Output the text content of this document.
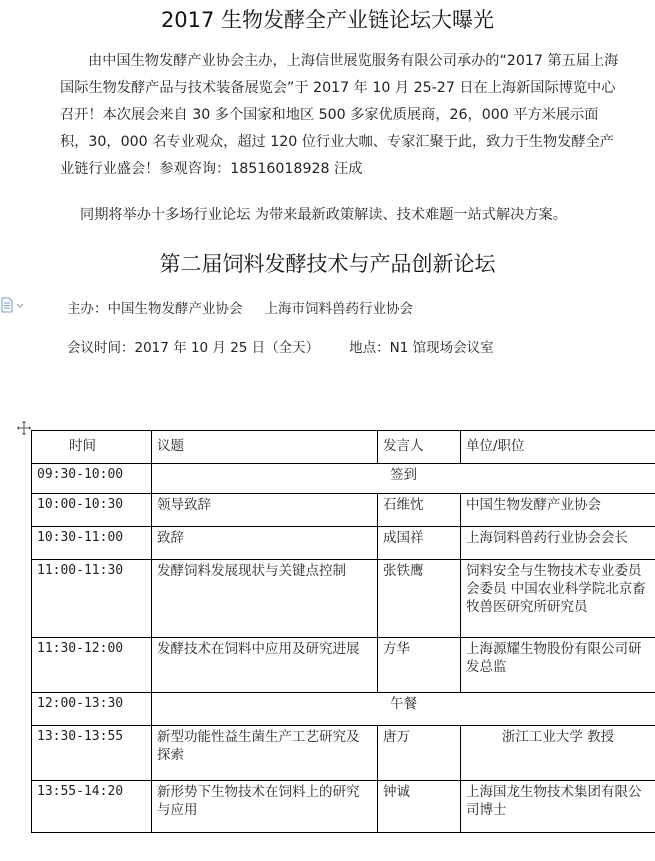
2017 生物发酵全产业链论坛大曝光
由中国生物发酵产业协会主办，上海信世展览服务有限公司承办的“2017 第五届上海国际生物发酵产品与技术装备展览会”于 2017 年 10 月 25-27 日在上海新国际博览中心召开！本次展会来自 30 多个国家和地区 500 多家优质展商，26，000 平方米展示面积，30，000 名专业观众，超过 120 位行业大咖、专家汇聚于此，致力于生物发酵全产业链行业盛会！参观咨询：18516018928 汪成
同期将举办十多场行业论坛 为带来最新政策解读、技术难题一站式解决方案。
第二届饲料发酵技术与产品创新论坛
主办：中国生物发酵产业协会 上海市饲料兽药行业协会
会议时间：2017 年 10 月 25 日（全天） 地点：N1 馆现场会议室
时间	议题	发言人	单位/职位
09:30-10:00	签到		
10:00-10:30	领导致辞	石维忱	中国生物发酵产业协会
10:30-11:00	致辞	成国祥	上海饲料兽药行业协会会长
11:00-11:30	发酵饲料发展现状与关键点控制	张铁鹰	饲料安全与生物技术专业委员会委员 中国农业科学院北京畜牧兽医研究所研究员
11:30-12:00	发酵技术在饲料中应用及研究进展	方华	上海源耀生物股份有限公司研发总监
12:00-13:30	午餐		
13:30-13:55	新型功能性益生菌生产工艺研究及探索	唐万	浙江工业大学 教授
13:55-14:20	新形势下生物技术在饲料上的研究与应用	钟诚	上海国龙生物技术集团有限公司博士
